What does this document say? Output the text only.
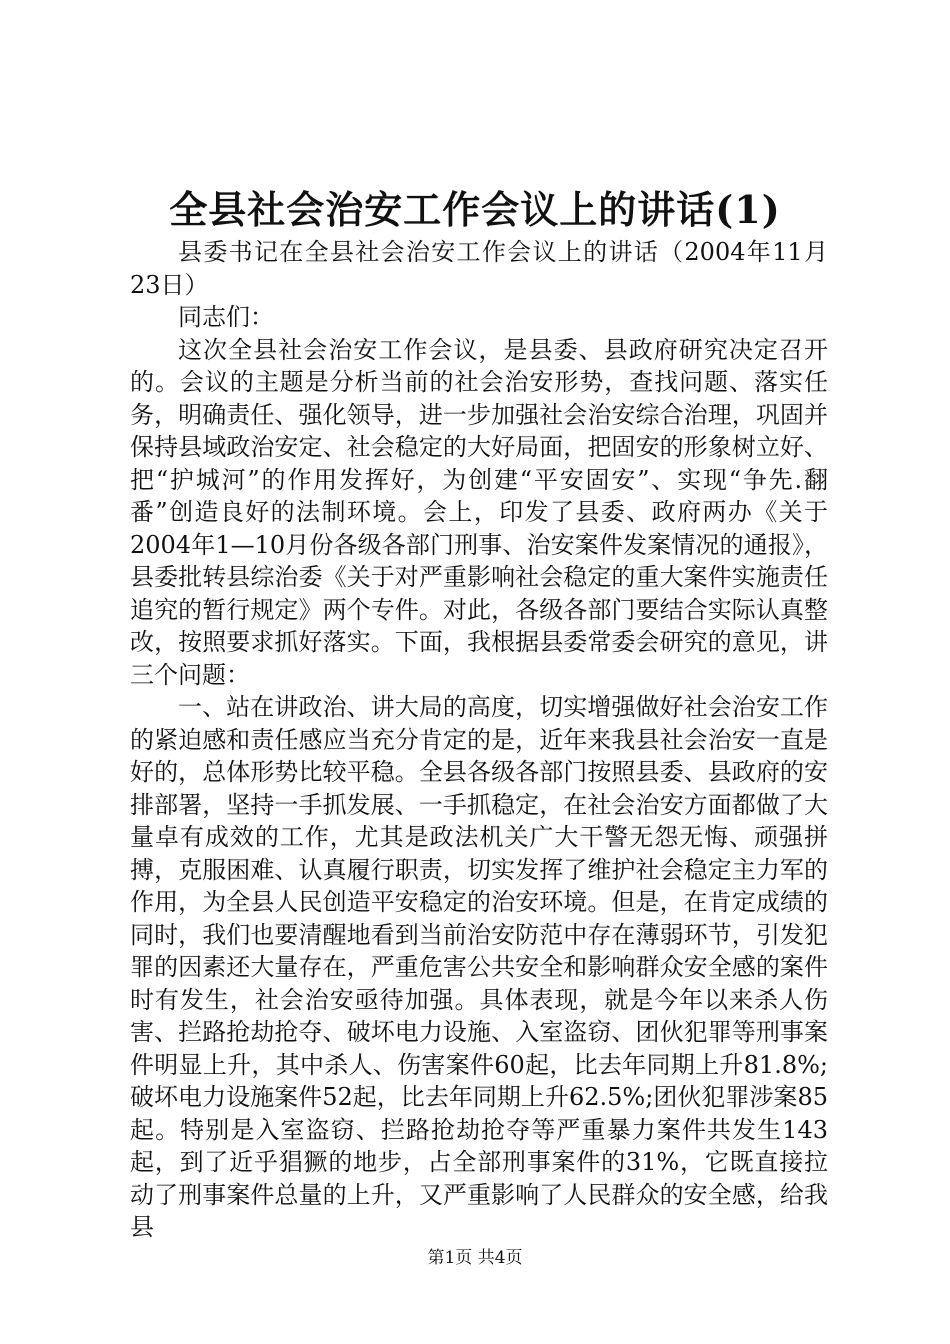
全县社会治安工作会议上的讲话(1)

县委书记在全县社会治安工作会议上的讲话（2004年11月23日）

同志们：

这次全县社会治安工作会议，是县委、县政府研究决定召开的。会议的主题是分析当前的社会治安形势，查找问题、落实任务，明确责任、强化领导，进一步加强社会治安综合治理，巩固并保持县域政治安定、社会稳定的大好局面，把固安的形象树立好、把“护城河”的作用发挥好，为创建“平安固安”、实现“争先.翻番”创造良好的法制环境。会上，印发了县委、政府两办《关于2004年1—10月份各级各部门刑事、治安案件发案情况的通报》，县委批转县综治委《关于对严重影响社会稳定的重大案件实施责任追究的暂行规定》两个专件。对此，各级各部门要结合实际认真整改，按照要求抓好落实。下面，我根据县委常委会研究的意见，讲三个问题：

一、站在讲政治、讲大局的高度，切实增强做好社会治安工作的紧迫感和责任感应当充分肯定的是，近年来我县社会治安一直是好的，总体形势比较平稳。全县各级各部门按照县委、县政府的安排部署，坚持一手抓发展、一手抓稳定，在社会治安方面都做了大量卓有成效的工作，尤其是政法机关广大干警无怨无悔、顽强拼搏，克服困难、认真履行职责，切实发挥了维护社会稳定主力军的作用，为全县人民创造平安稳定的治安环境。但是，在肯定成绩的同时，我们也要清醒地看到当前治安防范中存在薄弱环节，引发犯罪的因素还大量存在，严重危害公共安全和影响群众安全感的案件时有发生，社会治安亟待加强。具体表现，就是今年以来杀人伤害、拦路抢劫抢夺、破坏电力设施、入室盗窃、团伙犯罪等刑事案件明显上升，其中杀人、伤害案件60起，比去年同期上升81.8%;破坏电力设施案件52起，比去年同期上升62.5%;团伙犯罪涉案85起。特别是入室盗窃、拦路抢劫抢夺等严重暴力案件共发生143起，到了近乎猖獗的地步，占全部刑事案件的31%，它既直接拉动了刑事案件总量的上升，又严重影响了人民群众的安全感，给我县

第1页 共4页
